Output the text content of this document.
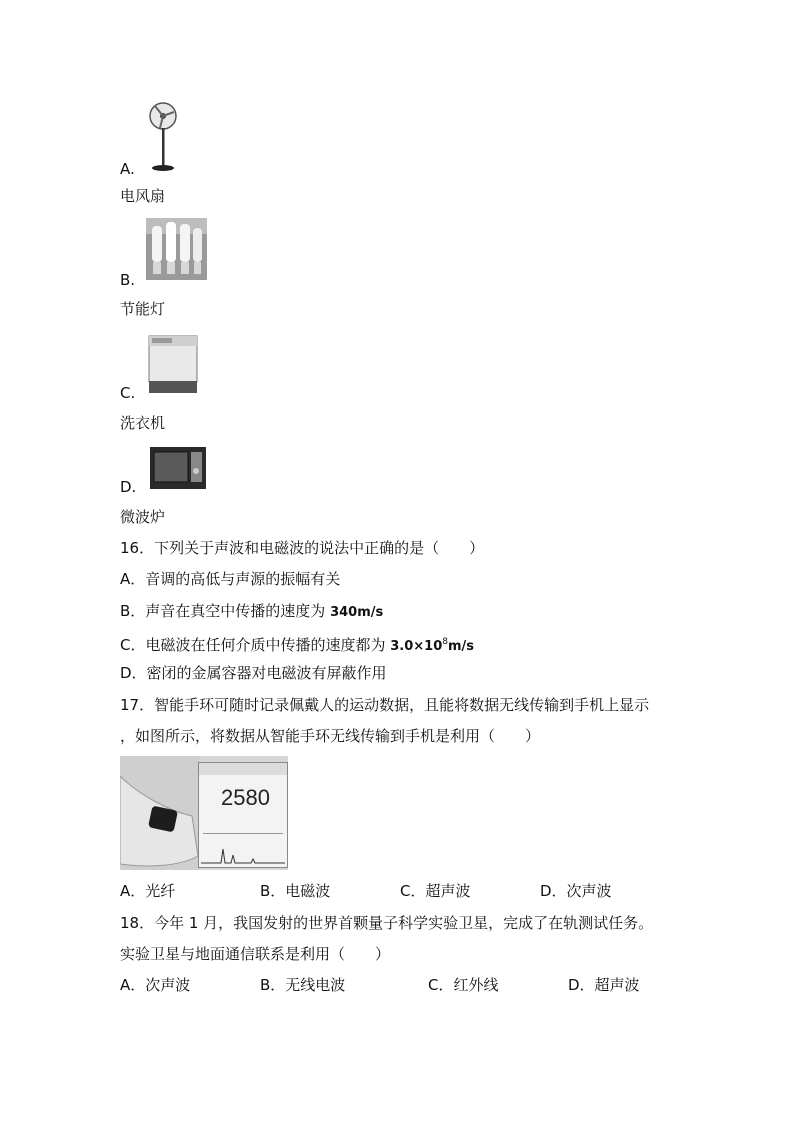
A.
电风扇
B.
节能灯
C.
洗衣机
D.
微波炉
16．下列关于声波和电磁波的说法中正确的是（　　）
A．音调的高低与声源的振幅有关
B．声音在真空中传播的速度为 340m/s
C．电磁波在任何介质中传播的速度都为 $3.0\times 10^8m/s$
D．密闭的金属容器对电磁波有屏蔽作用
17．智能手环可随时记录佩戴人的运动数据，且能将数据无线传输到手机上显示
，如图所示，将数据从智能手环无线传输到手机是利用（　　）
2580
A．光纤	B．电磁波	C．超声波	D．次声波
18．今年 1 月，我国发射的世界首颗量子科学实验卫星，完成了在轨测试任务。
实验卫星与地面通信联系是利用（　　）
A．次声波	B．无线电波	C．红外线	D．超声波
